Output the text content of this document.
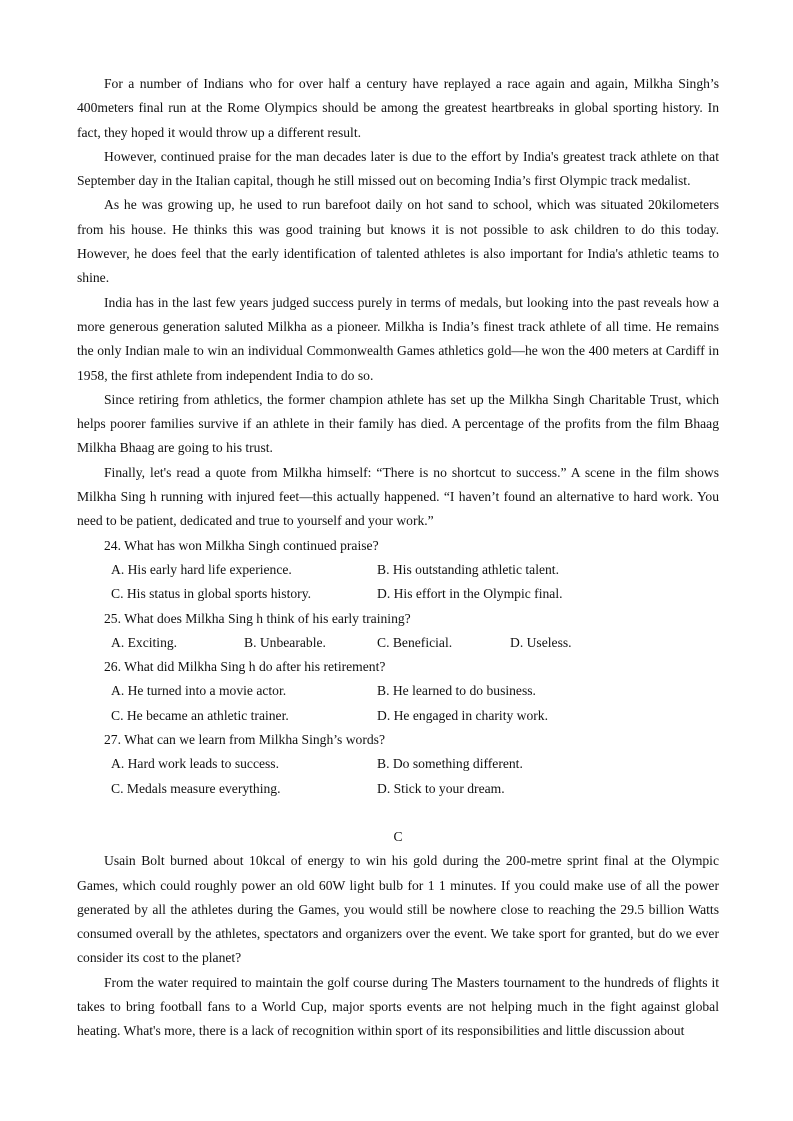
For a number of Indians who for over half a century have replayed a race again and again, Milkha Singh’s 400meters final run at the Rome Olympics should be among the greatest heartbreaks in global sporting history. In fact, they hoped it would throw up a different result.

However, continued praise for the man decades later is due to the effort by India's greatest track athlete on that September day in the Italian capital, though he still missed out on becoming India’s first Olympic track medalist.

As he was growing up, he used to run barefoot daily on hot sand to school, which was situated 20kilometers from his house. He thinks this was good training but knows it is not possible to ask children to do this today. However, he does feel that the early identification of talented athletes is also important for India's athletic teams to shine.

India has in the last few years judged success purely in terms of medals, but looking into the past reveals how a more generous generation saluted Milkha as a pioneer. Milkha is India’s finest track athlete of all time. He remains the only Indian male to win an individual Commonwealth Games athletics gold—he won the 400 meters at Cardiff in 1958, the first athlete from independent India to do so.

Since retiring from athletics, the former champion athlete has set up the Milkha Singh Charitable Trust, which helps poorer families survive if an athlete in their family has died. A percentage of the profits from the film Bhaag Milkha Bhaag are going to his trust.

Finally, let's read a quote from Milkha himself: “There is no shortcut to success.” A scene in the film shows Milkha Sing h running with injured feet—this actually happened. “I haven’t found an alternative to hard work. You need to be patient, dedicated and true to yourself and your work.”

24. What has won Milkha Singh continued praise?
A. His early hard life experience.	B. His outstanding athletic talent.
C. His status in global sports history.	D. His effort in the Olympic final.
25. What does Milkha Sing h think of his early training?
A. Exciting.	B. Unbearable.	C. Beneficial.	D. Useless.
26. What did Milkha Sing h do after his retirement?
A. He turned into a movie actor.	B. He learned to do business.
C. He became an athletic trainer.	D. He engaged in charity work.
27. What can we learn from Milkha Singh’s words?
A. Hard work leads to success.	B. Do something different.
C. Medals measure everything.	D. Stick to your dream.
C

Usain Bolt burned about 10kcal of energy to win his gold during the 200-metre sprint final at the Olympic Games, which could roughly power an old 60W light bulb for 1 1 minutes. If you could make use of all the power generated by all the athletes during the Games, you would still be nowhere close to reaching the 29.5 billion Watts consumed overall by the athletes, spectators and organizers over the event. We take sport for granted, but do we ever consider its cost to the planet?

From the water required to maintain the golf course during The Masters tournament to the hundreds of flights it takes to bring football fans to a World Cup, major sports events are not helping much in the fight against global heating. What's more, there is a lack of recognition within sport of its responsibilities and little discussion about
